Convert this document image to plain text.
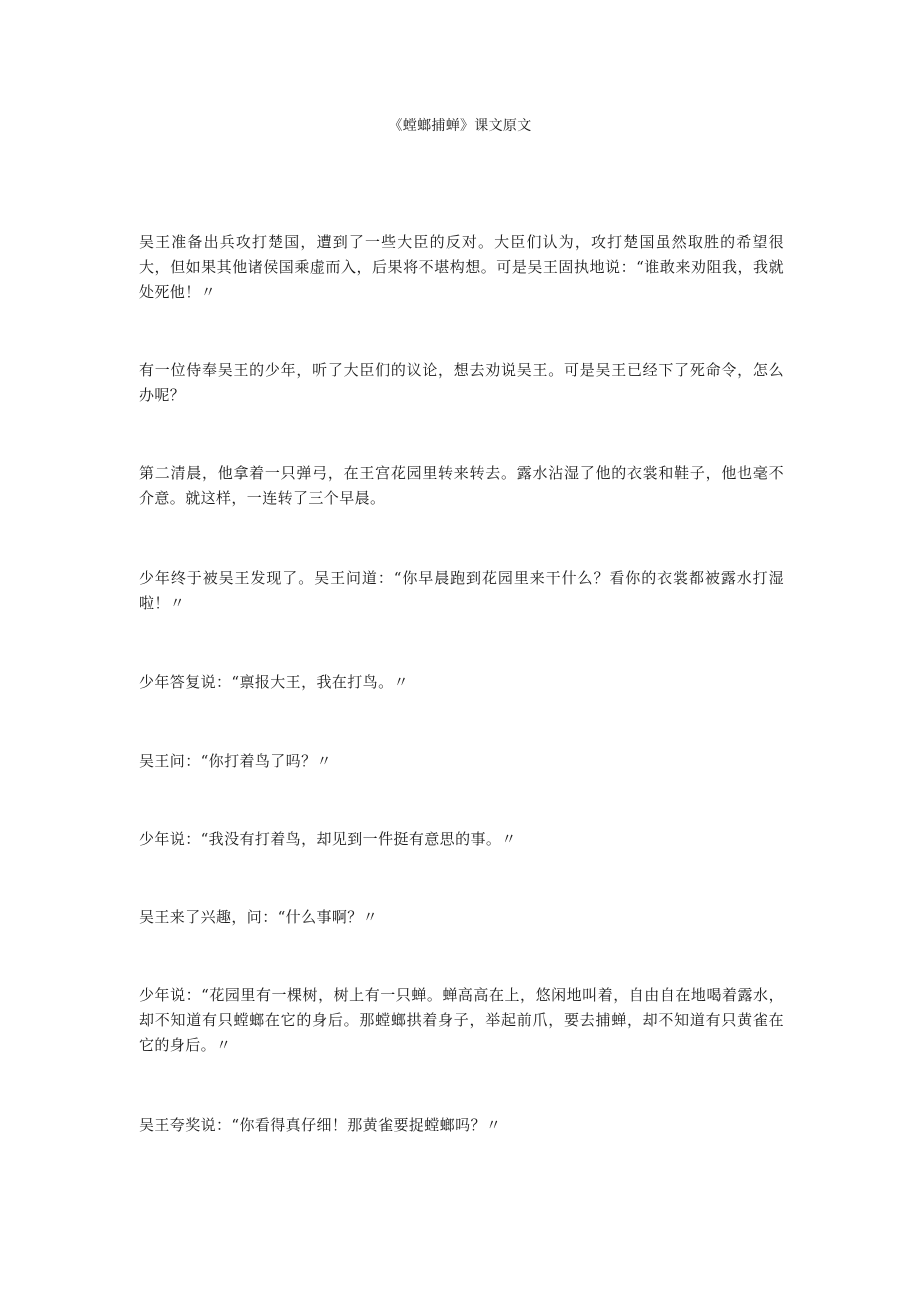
《螳螂捕蝉》课文原文

吴王准备出兵攻打楚国，遭到了一些大臣的反对。大臣们认为，攻打楚国虽然取胜的希望很大，但如果其他诸侯国乘虚而入，后果将不堪构想。可是吴王固执地说：“谁敢来劝阻我，我就处死他！〃

有一位侍奉吴王的少年，听了大臣们的议论，想去劝说吴王。可是吴王已经下了死命令，怎么办呢？

第二清晨，他拿着一只弹弓，在王宫花园里转来转去。露水沾湿了他的衣裳和鞋子，他也毫不介意。就这样，一连转了三个早晨。

少年终于被吴王发现了。吴王问道：“你早晨跑到花园里来干什么？看你的衣裳都被露水打湿啦！〃

少年答复说：“禀报大王，我在打鸟。〃

吴王问：“你打着鸟了吗？〃

少年说：“我没有打着鸟，却见到一件挺有意思的事。〃

吴王来了兴趣，问：“什么事啊？〃

少年说：“花园里有一棵树，树上有一只蝉。蝉高高在上，悠闲地叫着，自由自在地喝着露水，却不知道有只螳螂在它的身后。那螳螂拱着身子，举起前爪，要去捕蝉，却不知道有只黄雀在它的身后。〃

吴王夸奖说：“你看得真仔细！那黄雀要捉螳螂吗？〃
